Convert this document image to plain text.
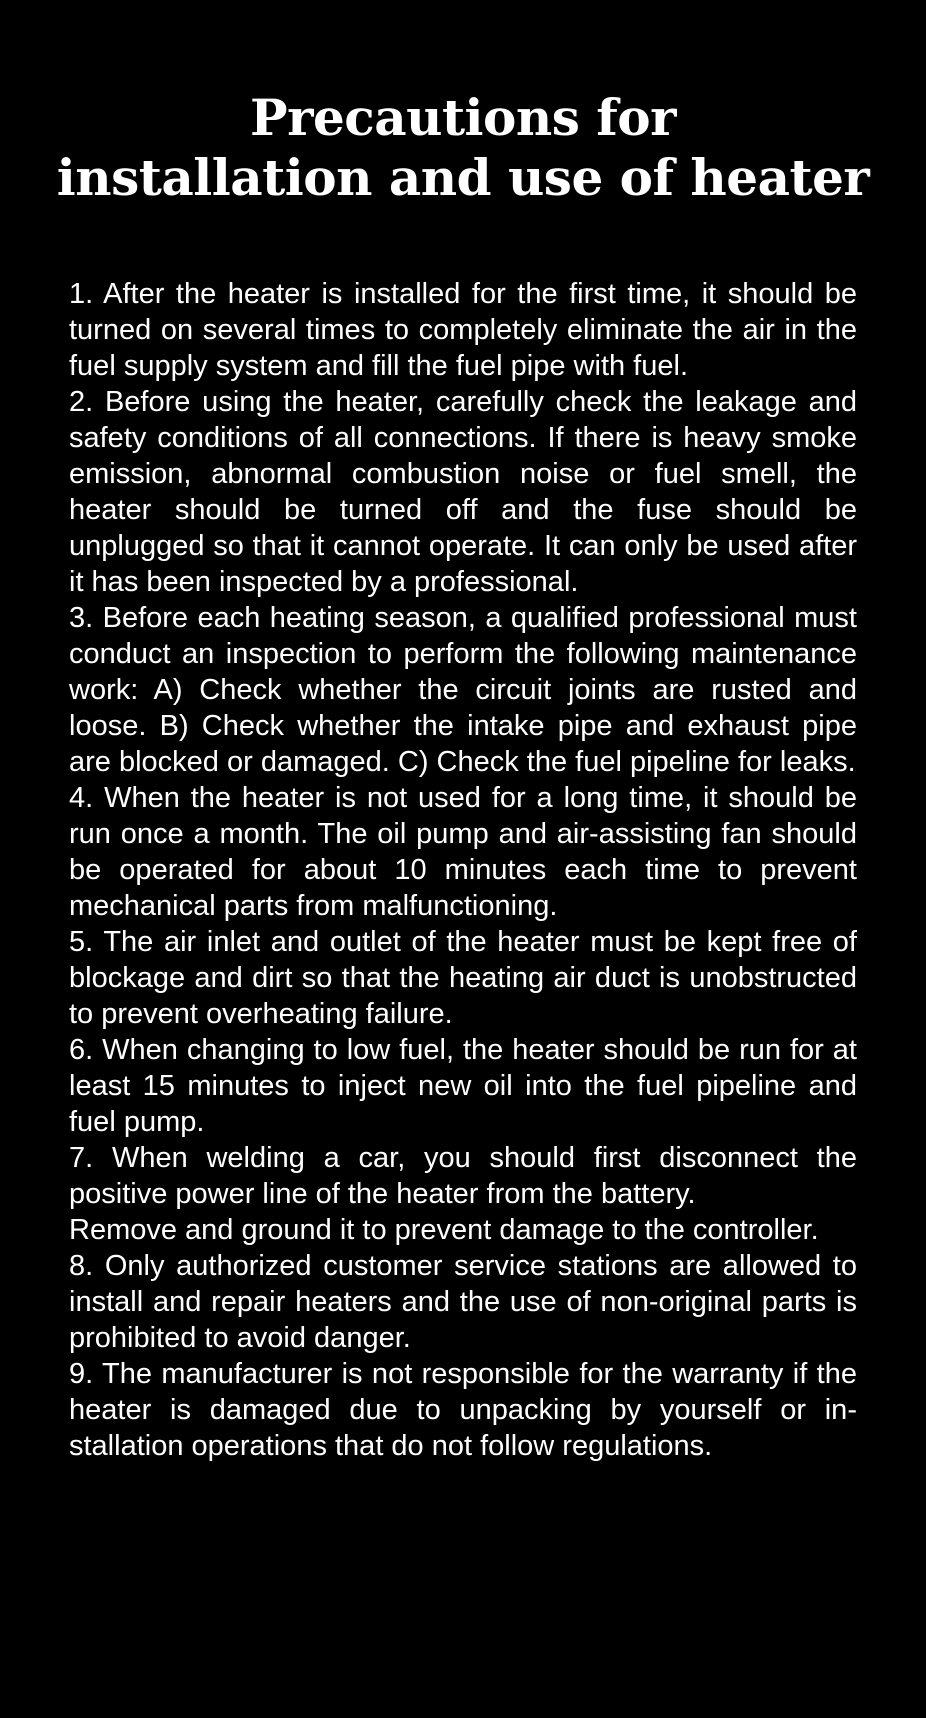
Precautions for
installation and use of heater

1. After the heater is installed for the first time, it should be turned on several times to completely eliminate the air in the fuel supply system and fill the fuel pipe with fuel.

2. Before using the heater, carefully check the leakage and safety conditions of all connections. If there is heavy smoke emission, abnormal combustion noise or fuel smell, the heater should be turned off and the fuse should be unplugged so that it cannot operate. It can only be used after it has been inspected by a professional.

3. Before each heating season, a qualified professional must conduct an inspection to perform the following maintenance work: A) Check whether the circuit joints are rusted and loose. B) Check whether the intake pipe and exhaust pipe are blocked or damaged. C) Check the fuel pipeline for leaks.

4. When the heater is not used for a long time, it should be run once a month. The oil pump and air-assisting fan should be operated for about 10 minutes each time to prevent mechanical parts from malfunctioning.

5. The air inlet and outlet of the heater must be kept free of blockage and dirt so that the heating air duct is unobstructed to prevent overheating failure.

6. When changing to low fuel, the heater should be run for at least 15 minutes to inject new oil into the fuel pipeline and fuel pump.

7. When welding a car, you should first disconnect the positive power line of the heater from the battery.

Remove and ground it to prevent damage to the controller.

8. Only authorized customer service stations are allowed to install and repair heaters and the use of non-original parts is prohibited to avoid danger.

9. The manufacturer is not responsible for the warranty if the heater is damaged due to unpacking by yourself or installation operations that do not follow regulations.
